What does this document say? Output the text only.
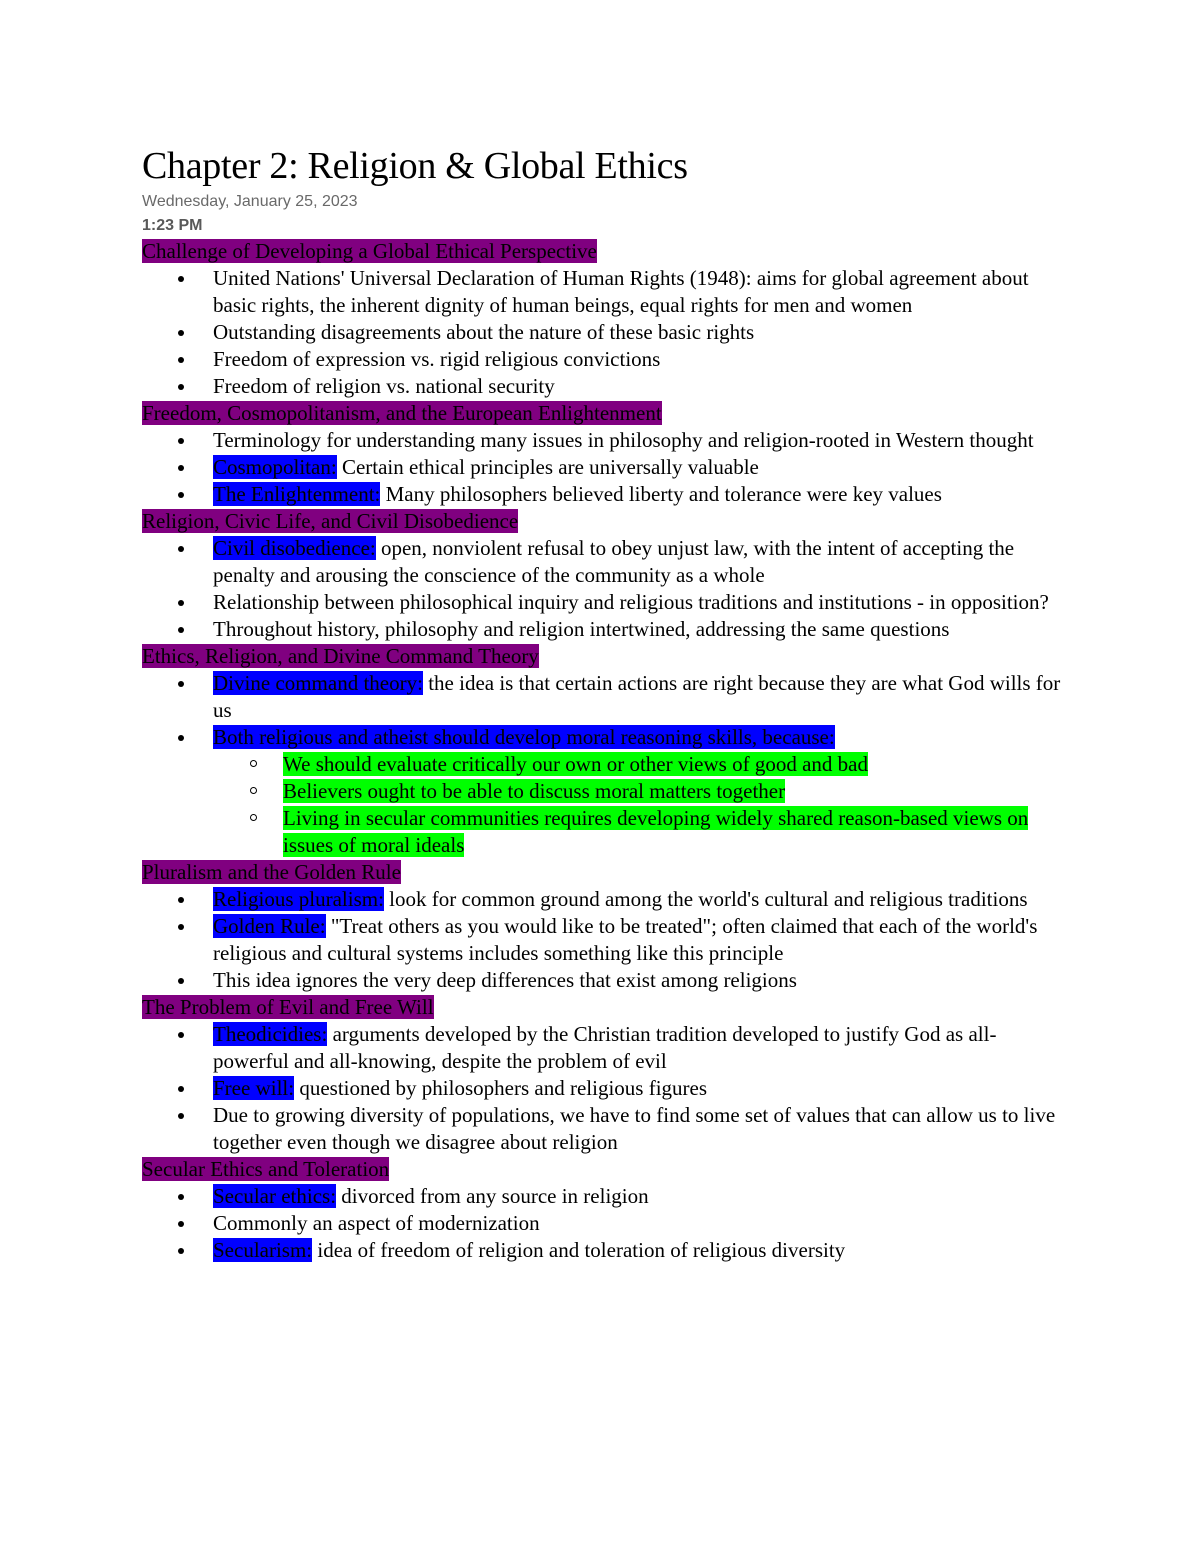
Chapter 2: Religion & Global Ethics
Wednesday, January 25, 2023
1:23 PM
Challenge of Developing a Global Ethical Perspective
United Nations' Universal Declaration of Human Rights (1948): aims for global agreement about basic rights, the inherent dignity of human beings, equal rights for men and women
Outstanding disagreements about the nature of these basic rights
Freedom of expression vs. rigid religious convictions
Freedom of religion vs. national security
Freedom, Cosmopolitanism, and the European Enlightenment
Terminology for understanding many issues in philosophy and religion-rooted in Western thought
Cosmopolitan: Certain ethical principles are universally valuable
The Enlightenment: Many philosophers believed liberty and tolerance were key values
Religion, Civic Life, and Civil Disobedience
Civil disobedience: open, nonviolent refusal to obey unjust law, with the intent of accepting the penalty and arousing the conscience of the community as a whole
Relationship between philosophical inquiry and religious traditions and institutions - in opposition?
Throughout history, philosophy and religion intertwined, addressing the same questions
Ethics, Religion, and Divine Command Theory
Divine command theory: the idea is that certain actions are right because they are what God wills for us
Both religious and atheist should develop moral reasoning skills, because:
We should evaluate critically our own or other views of good and bad
Believers ought to be able to discuss moral matters together
Living in secular communities requires developing widely shared reason-based views on issues of moral ideals
Pluralism and the Golden Rule
Religious pluralism: look for common ground among the world's cultural and religious traditions
Golden Rule: "Treat others as you would like to be treated"; often claimed that each of the world's religious and cultural systems includes something like this principle
This idea ignores the very deep differences that exist among religions
The Problem of Evil and Free Will
Theodicidies: arguments developed by the Christian tradition developed to justify God as all-powerful and all-knowing, despite the problem of evil
Free will: questioned by philosophers and religious figures
Due to growing diversity of populations, we have to find some set of values that can allow us to live together even though we disagree about religion
Secular Ethics and Toleration
Secular ethics: divorced from any source in religion
Commonly an aspect of modernization
Secularism: idea of freedom of religion and toleration of religious diversity
